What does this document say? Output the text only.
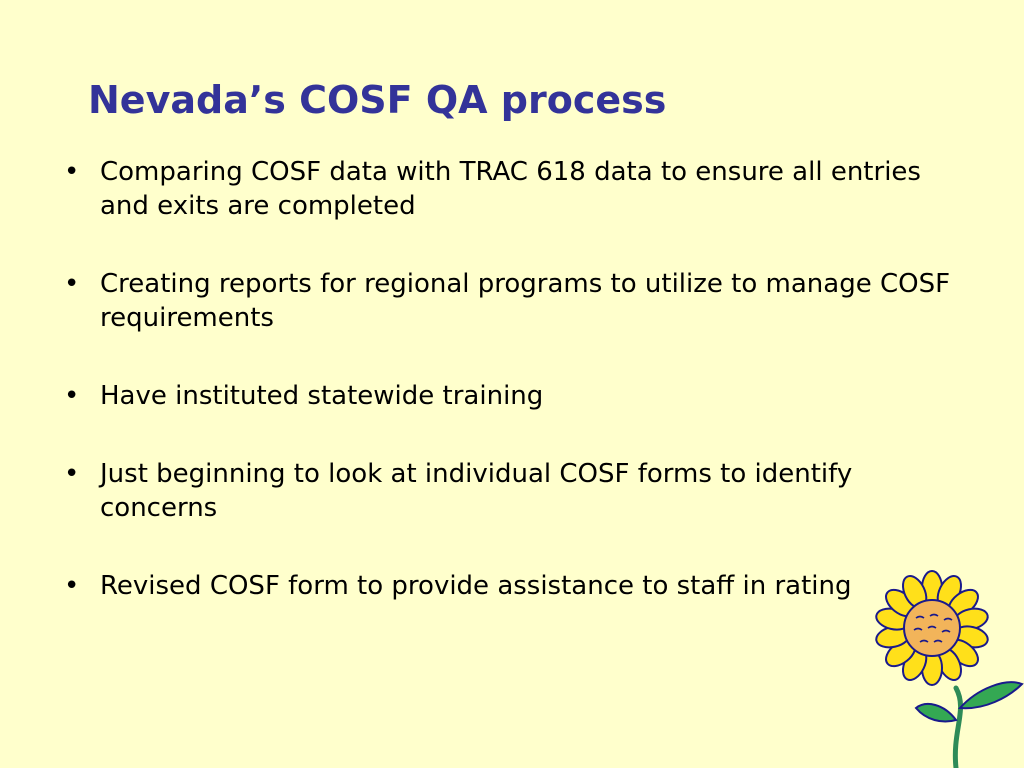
Nevada’s COSF QA process
• Comparing COSF data with TRAC 618 data to ensure all entries and exits are completed
• Creating reports for regional programs to utilize to manage COSF requirements
• Have instituted statewide training
• Just beginning to look at individual COSF forms to identify concerns
• Revised COSF form to provide assistance to staff in rating
